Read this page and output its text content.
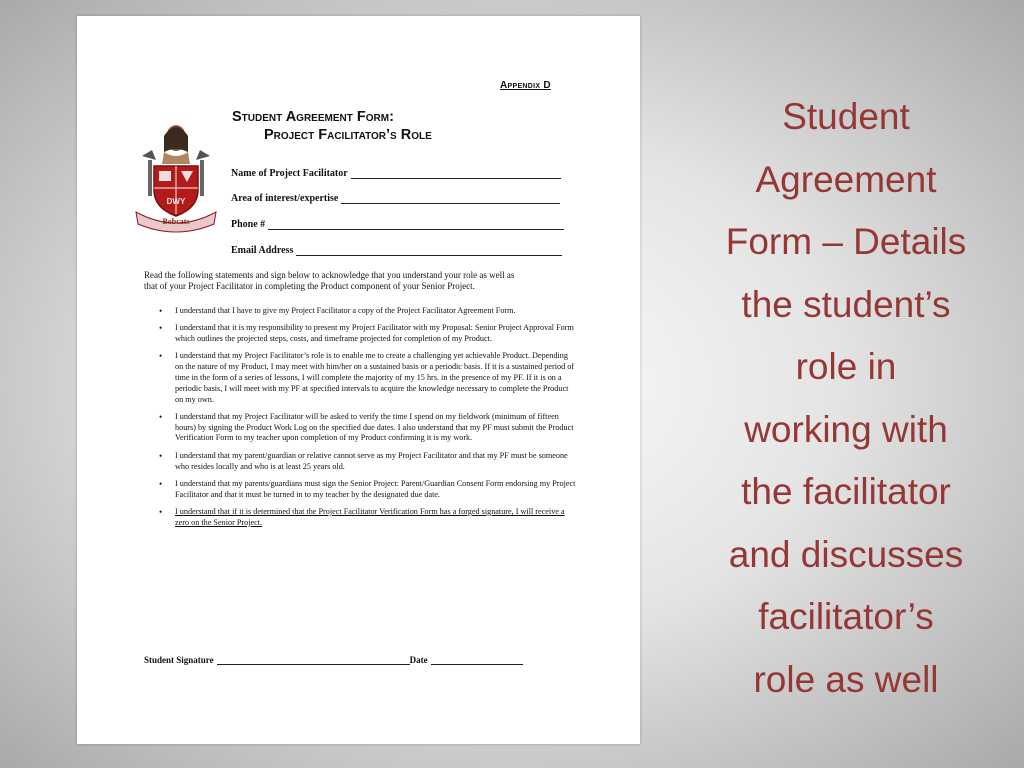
Appendix D
Student Agreement Form:
Project Facilitator’s Role
DWY
Bobcats
Name of Project Facilitator
Area of interest/expertise
Phone #
Email Address
Read the following statements and sign below to acknowledge that you understand your role as well as
that of your Project Facilitator in completing the Product component of your Senior Project.
• I understand that I have to give my Project Facilitator a copy of the Project Facilitator Agreement Form.
• I understand that it is my responsibility to present my Project Facilitator with my Proposal: Senior Project Approval Form which outlines the projected steps, costs, and timeframe projected for completion of my Product.
• I understand that my Project Facilitator’s role is to enable me to create a challenging yet achievable Product. Depending on the nature of my Product, I may meet with him/her on a sustained basis or a periodic basis. If it is a sustained period of time in the form of a series of lessons, I will complete the majority of my 15 hrs. in the presence of my PF. If it is on a periodic basis, I will meet with my PF at specified intervals to acquire the knowledge necessary to complete the Product on my own.
• I understand that my Project Facilitator will be asked to verify the time I spend on my fieldwork (minimum of fifteen hours) by signing the Product Work Log on the specified due dates. I also understand that my PF must submit the Product Verification Form to my teacher upon completion of my Product confirming it is my work.
• I understand that my parent/guardian or relative cannot serve as my Project Facilitator and that my PF must be someone who resides locally and who is at least 25 years old.
• I understand that my parents/guardians must sign the Senior Project: Parent/Guardian Consent Form endorsing my Project Facilitator and that it must be turned in to my teacher by the designated due date.
• I understand that if it is determined that the Project Facilitator Verification Form has a forged signature, I will receive a zero on the Senior Project.
Student Signature	Date
Student
Agreement
Form – Details
the student’s
role in
working with
the facilitator
and discusses
facilitator’s
role as well
